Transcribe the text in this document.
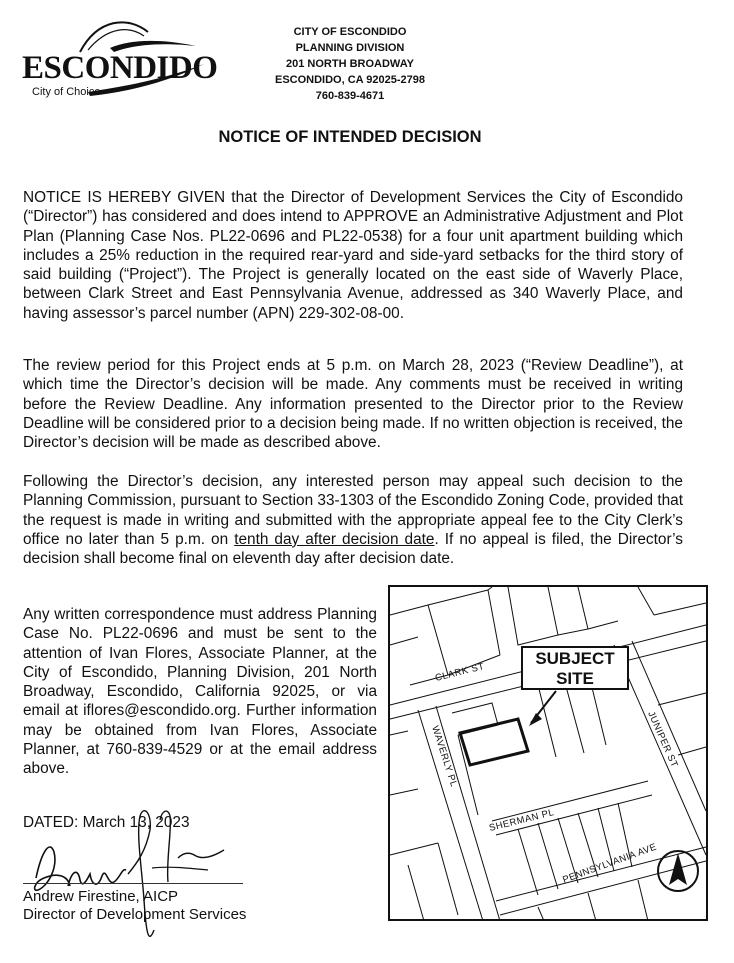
ESCONDIDO
City of Choice
CITY OF ESCONDIDO
PLANNING DIVISION
201 NORTH BROADWAY
ESCONDIDO, CA 92025-2798
760-839-4671
NOTICE OF INTENDED DECISION

NOTICE IS HEREBY GIVEN that the Director of Development Services the City of Escondido (“Director”) has considered and does intend to APPROVE an Administrative Adjustment and Plot Plan (Planning Case Nos. PL22-0696 and PL22-0538) for a four unit apartment building which includes a 25% reduction in the required rear-yard and side-yard setbacks for the third story of said building (“Project”). The Project is generally located on the east side of Waverly Place, between Clark Street and East Pennsylvania Avenue, addressed as 340 Waverly Place, and having assessor’s parcel number (APN) 229-302-08-00.

The review period for this Project ends at 5 p.m. on March 28, 2023 (“Review Deadline”), at which time the Director’s decision will be made. Any comments must be received in writing before the Review Deadline. Any information presented to the Director prior to the Review Deadline will be considered prior to a decision being made. If no written objection is received, the Director’s decision will be made as described above.

Following the Director’s decision, any interested person may appeal such decision to the Planning Commission, pursuant to Section 33-1303 of the Escondido Zoning Code, provided that the request is made in writing and submitted with the appropriate appeal fee to the City Clerk’s office no later than 5 p.m. on tenth day after decision date. If no appeal is filed, the Director’s decision shall become final on eleventh day after decision date.

Any written correspondence must address Planning Case No. PL22-0696 and must be sent to the attention of Ivan Flores, Associate Planner, at the City of Escondido, Planning Division, 201 North Broadway, Escondido, California 92025, or via email at iflores@escondido.org. Further information may be obtained from Ivan Flores, Associate Planner, at 760-839-4529 or at the email address above.

DATED: March 13, 2023
Andrew Firestine, AICP
Director of Development Services
CLARK ST
WAVERLY PL	JUNIPER ST
SHERMAN PL
PENNSYLVANIA AVE
SUBJECT
SITE
